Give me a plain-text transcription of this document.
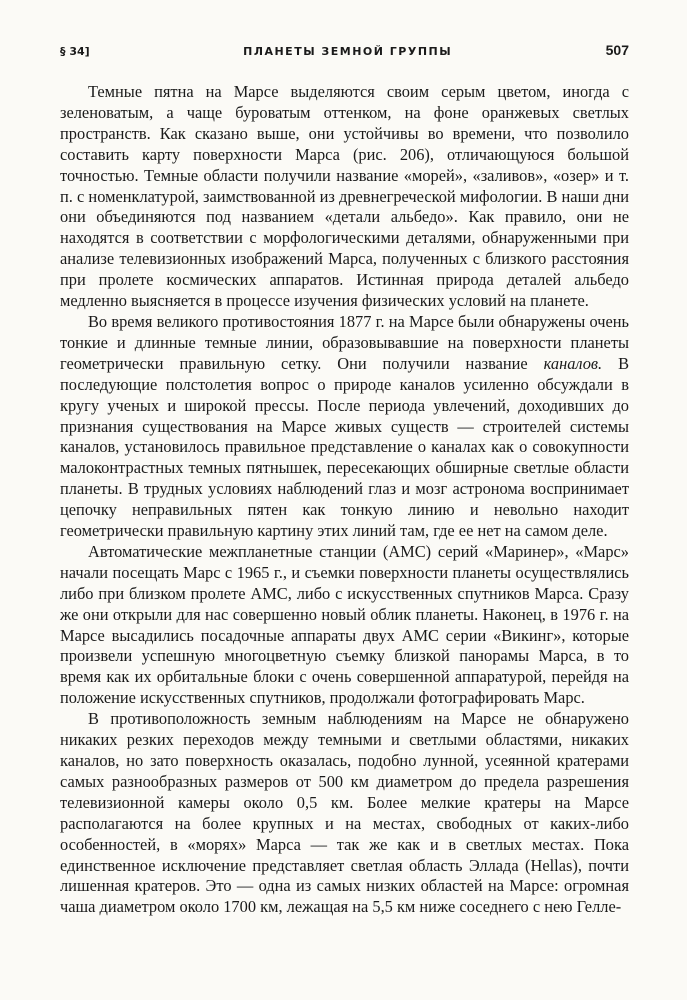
§ 34]	ПЛАНЕТЫ ЗЕМНОЙ ГРУППЫ	507

Темные пятна на Марсе выделяются своим серым цветом, иногда с зеленоватым, а чаще буроватым оттенком, на фоне оранжевых светлых пространств. Как сказано выше, они устойчивы во времени, что позволило составить карту поверхности Марса (рис. 206), отличающуюся большой точностью. Темные области получили название «морей», «заливов», «озер» и т. п. с номенклатурой, заимствованной из древнегреческой мифологии. В наши дни они объединяются под названием «детали альбедо». Как правило, они не находятся в соответствии с морфологическими деталями, обнаруженными при анализе телевизионных изображений Марса, полученных с близкого расстояния при пролете космических аппаратов. Истинная природа деталей альбедо медленно выясняется в процессе изучения физических условий на планете.

Во время великого противостояния 1877 г. на Марсе были обнаружены очень тонкие и длинные темные линии, образовывавшие на поверхности планеты геометрически правильную сетку. Они получили название каналов. В последующие полстолетия вопрос о природе каналов усиленно обсуждали в кругу ученых и широкой прессы. После периода увлечений, доходивших до признания существования на Марсе живых существ — строителей системы каналов, установилось правильное представление о каналах как о совокупности малоконтрастных темных пятнышек, пересекающих обширные светлые области планеты. В трудных условиях наблюдений глаз и мозг астронома воспринимает цепочку неправильных пятен как тонкую линию и невольно находит геометрически правильную картину этих линий там, где ее нет на самом деле.

Автоматические межпланетные станции (АМС) серий «Маринер», «Марс» начали посещать Марс с 1965 г., и съемки поверхности планеты осуществлялись либо при близком пролете АМС, либо с искусственных спутников Марса. Сразу же они открыли для нас совершенно новый облик планеты. Наконец, в 1976 г. на Марсе высадились посадочные аппараты двух АМС серии «Викинг», которые произвели успешную многоцветную съемку близкой панорамы Марса, в то время как их орбитальные блоки с очень совершенной аппаратурой, перейдя на положение искусственных спутников, продолжали фотографировать Марс.

В противоположность земным наблюдениям на Марсе не обнаружено никаких резких переходов между темными и светлыми областями, никаких каналов, но зато поверхность оказалась, подобно лунной, усеянной кратерами самых разнообразных размеров от 500 км диаметром до предела разрешения телевизионной камеры около 0,5 км. Более мелкие кратеры на Марсе располагаются на более крупных и на местах, свободных от каких-либо особенностей, в «морях» Марса — так же как и в светлых местах. Пока единственное исключение представляет светлая область Эллада (Hellas), почти лишенная кратеров. Это — одна из самых низких областей на Марсе: огромная чаша диаметром около 1700 км, лежащая на 5,5 км ниже соседнего с нею Гелле-
